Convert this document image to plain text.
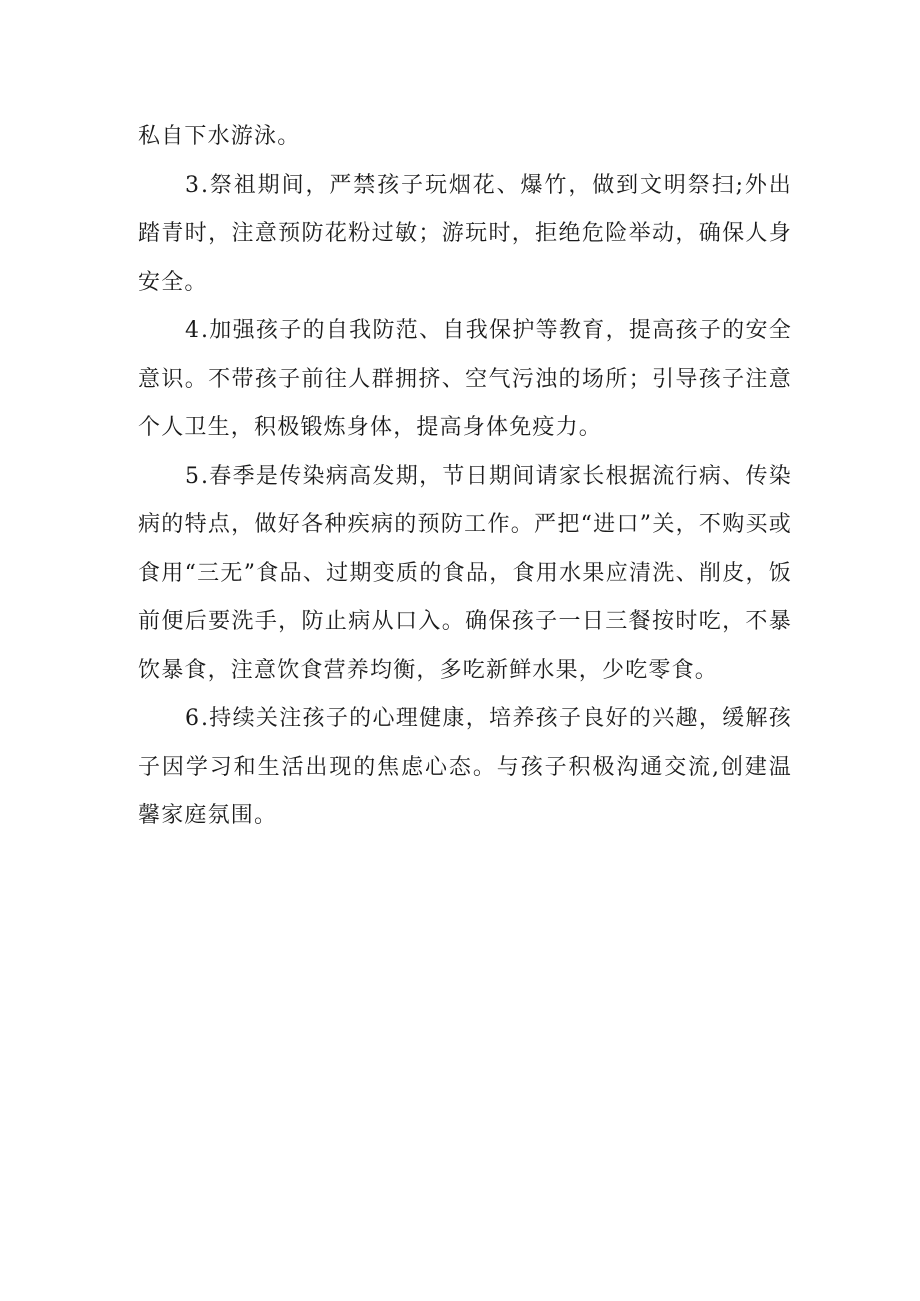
私自下水游泳。

3.祭祖期间，严禁孩子玩烟花、爆竹，做到文明祭扫;外出踏青时，注意预防花粉过敏；游玩时，拒绝危险举动，确保人身安全。

4.加强孩子的自我防范、自我保护等教育，提高孩子的安全意识。不带孩子前往人群拥挤、空气污浊的场所；引导孩子注意个人卫生，积极锻炼身体，提高身体免疫力。

5.春季是传染病高发期，节日期间请家长根据流行病、传染病的特点，做好各种疾病的预防工作。严把“进口”关，不购买或食用“三无”食品、过期变质的食品，食用水果应清洗、削皮，饭前便后要洗手，防止病从口入。确保孩子一日三餐按时吃，不暴饮暴食，注意饮食营养均衡，多吃新鲜水果，少吃零食。

6.持续关注孩子的心理健康，培养孩子良好的兴趣，缓解孩子因学习和生活出现的焦虑心态。与孩子积极沟通交流,创建温馨家庭氛围。
